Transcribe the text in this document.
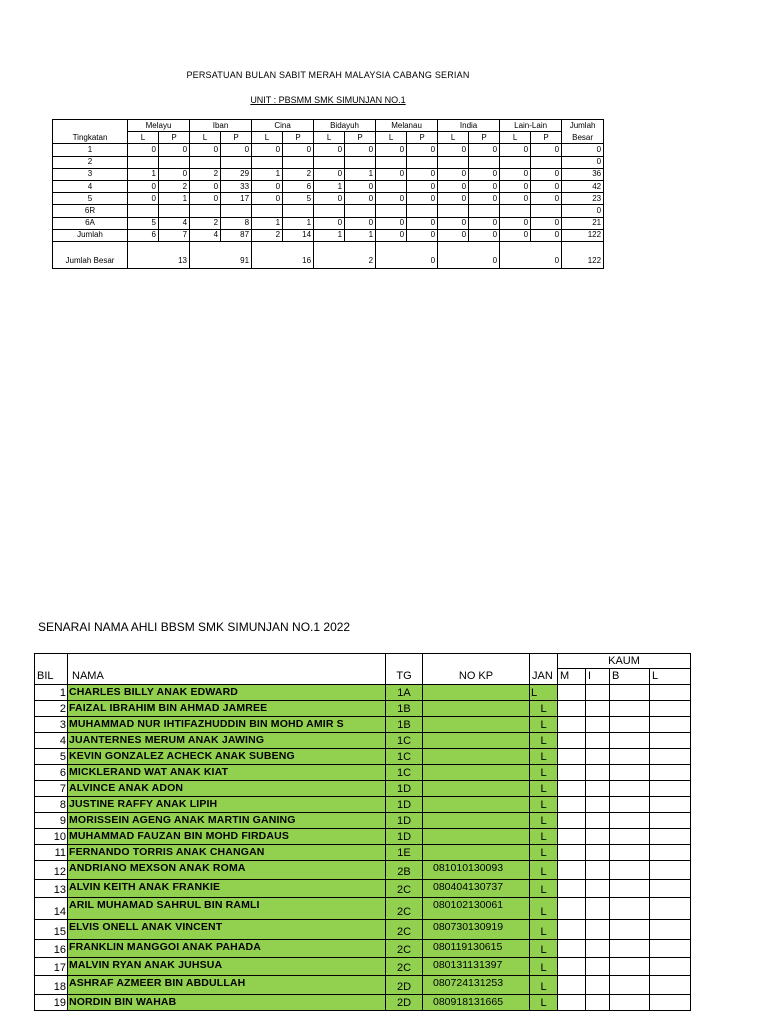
PERSATUAN BULAN SABIT MERAH MALAYSIA CABANG SERIAN
UNIT : PBSMM SMK SIMUNJAN NO.1
	Melayu		Iban		Cina		Bidayuh		Melanau		India		Lain-Lain		Jumlah
Tingkatan	L	P	L	P	L	P	L	P	L	P	L	P	L	P	Besar
1	0	0	0	0	0	0	0	0	0	0	0	0	0	0	0
2															0
3	1	0	2	29	1	2	0	1	0	0	0	0	0	0	36
4	0	2	0	33	0	6	1	0		0	0	0	0	0	42
5	0	1	0	17	0	5	0	0	0	0	0	0	0	0	23
6R															0
6A	5	4	2	8	1	1	0	0	0	0	0	0	0	0	21
Jumlah	6	7	4	87	2	14	1	1	0	0	0	0	0	0	122
Jumlah Besar	13		91		16		2		0		0		0		122
SENARAI NAMA AHLI BBSM SMK SIMUNJAN NO.1 2022
					KAUM			
BIL	NAMA	TG	NO KP	JAN	M	I	B	L
1	CHARLES BILLY ANAK EDWARD	1A		L				
2	FAIZAL IBRAHIM BIN AHMAD JAMREE	1B		L				
3	MUHAMMAD NUR IHTIFAZHUDDIN BIN MOHD AMIR S	1B		L				
4	JUANTERNES MERUM ANAK JAWING	1C		L				
5	KEVIN GONZALEZ ACHECK ANAK SUBENG	1C		L				
6	MICKLERAND WAT ANAK KIAT	1C		L				
7	ALVINCE ANAK ADON	1D		L				
8	JUSTINE RAFFY ANAK LIPIH	1D		L				
9	MORISSEIN AGENG ANAK MARTIN GANING	1D		L				
10	MUHAMMAD FAUZAN BIN MOHD FIRDAUS	1D		L				
11	FERNANDO TORRIS ANAK CHANGAN	1E		L				
12	ANDRIANO MEXSON ANAK ROMA	2B	081010130093	L				
13	ALVIN KEITH ANAK FRANKIE	2C	080404130737	L				
14	ARIL MUHAMAD SAHRUL BIN RAMLI	2C	080102130061	L				
15	ELVIS ONELL ANAK VINCENT	2C	080730130919	L				
16	FRANKLIN MANGGOI ANAK PAHADA	2C	080119130615	L				
17	MALVIN RYAN ANAK JUHSUA	2C	080131131397	L				
18	ASHRAF AZMEER BIN ABDULLAH	2D	080724131253	L				
19	NORDIN BIN WAHAB	2D	080918131665	L				
